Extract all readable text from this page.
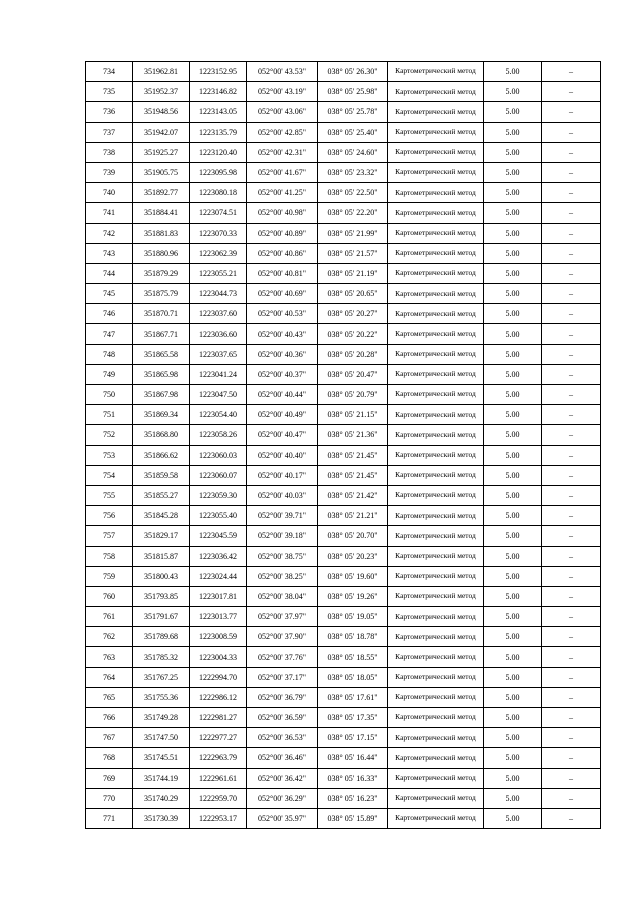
734	351962.81	1223152.95	052°00' 43.53"	038° 05' 26.30"	Картометрический метод	5.00	–
735	351952.37	1223146.82	052°00' 43.19"	038° 05' 25.98"	Картометрический метод	5.00	–
736	351948.56	1223143.05	052°00' 43.06"	038° 05' 25.78"	Картометрический метод	5.00	–
737	351942.07	1223135.79	052°00' 42.85"	038° 05' 25.40"	Картометрический метод	5.00	–
738	351925.27	1223120.40	052°00' 42.31"	038° 05' 24.60"	Картометрический метод	5.00	–
739	351905.75	1223095.98	052°00' 41.67"	038° 05' 23.32"	Картометрический метод	5.00	–
740	351892.77	1223080.18	052°00' 41.25"	038° 05' 22.50"	Картометрический метод	5.00	–
741	351884.41	1223074.51	052°00' 40.98"	038° 05' 22.20"	Картометрический метод	5.00	–
742	351881.83	1223070.33	052°00' 40.89"	038° 05' 21.99"	Картометрический метод	5.00	–
743	351880.96	1223062.39	052°00' 40.86"	038° 05' 21.57"	Картометрический метод	5.00	–
744	351879.29	1223055.21	052°00' 40.81"	038° 05' 21.19"	Картометрический метод	5.00	–
745	351875.79	1223044.73	052°00' 40.69"	038° 05' 20.65"	Картометрический метод	5.00	–
746	351870.71	1223037.60	052°00' 40.53"	038° 05' 20.27"	Картометрический метод	5.00	–
747	351867.71	1223036.60	052°00' 40.43"	038° 05' 20.22"	Картометрический метод	5.00	–
748	351865.58	1223037.65	052°00' 40.36"	038° 05' 20.28"	Картометрический метод	5.00	–
749	351865.98	1223041.24	052°00' 40.37"	038° 05' 20.47"	Картометрический метод	5.00	–
750	351867.98	1223047.50	052°00' 40.44"	038° 05' 20.79"	Картометрический метод	5.00	–
751	351869.34	1223054.40	052°00' 40.49"	038° 05' 21.15"	Картометрический метод	5.00	–
752	351868.80	1223058.26	052°00' 40.47"	038° 05' 21.36"	Картометрический метод	5.00	–
753	351866.62	1223060.03	052°00' 40.40"	038° 05' 21.45"	Картометрический метод	5.00	–
754	351859.58	1223060.07	052°00' 40.17"	038° 05' 21.45"	Картометрический метод	5.00	–
755	351855.27	1223059.30	052°00' 40.03"	038° 05' 21.42"	Картометрический метод	5.00	–
756	351845.28	1223055.40	052°00' 39.71"	038° 05' 21.21"	Картометрический метод	5.00	–
757	351829.17	1223045.59	052°00' 39.18"	038° 05' 20.70"	Картометрический метод	5.00	–
758	351815.87	1223036.42	052°00' 38.75"	038° 05' 20.23"	Картометрический метод	5.00	–
759	351800.43	1223024.44	052°00' 38.25"	038° 05' 19.60"	Картометрический метод	5.00	–
760	351793.85	1223017.81	052°00' 38.04"	038° 05' 19.26"	Картометрический метод	5.00	–
761	351791.67	1223013.77	052°00' 37.97"	038° 05' 19.05"	Картометрический метод	5.00	–
762	351789.68	1223008.59	052°00' 37.90"	038° 05' 18.78"	Картометрический метод	5.00	–
763	351785.32	1223004.33	052°00' 37.76"	038° 05' 18.55"	Картометрический метод	5.00	–
764	351767.25	1222994.70	052°00' 37.17"	038° 05' 18.05"	Картометрический метод	5.00	–
765	351755.36	1222986.12	052°00' 36.79"	038° 05' 17.61"	Картометрический метод	5.00	–
766	351749.28	1222981.27	052°00' 36.59"	038° 05' 17.35"	Картометрический метод	5.00	–
767	351747.50	1222977.27	052°00' 36.53"	038° 05' 17.15"	Картометрический метод	5.00	–
768	351745.51	1222963.79	052°00' 36.46"	038° 05' 16.44"	Картометрический метод	5.00	–
769	351744.19	1222961.61	052°00' 36.42"	038° 05' 16.33"	Картометрический метод	5.00	–
770	351740.29	1222959.70	052°00' 36.29"	038° 05' 16.23"	Картометрический метод	5.00	–
771	351730.39	1222953.17	052°00' 35.97"	038° 05' 15.89"	Картометрический метод	5.00	–
